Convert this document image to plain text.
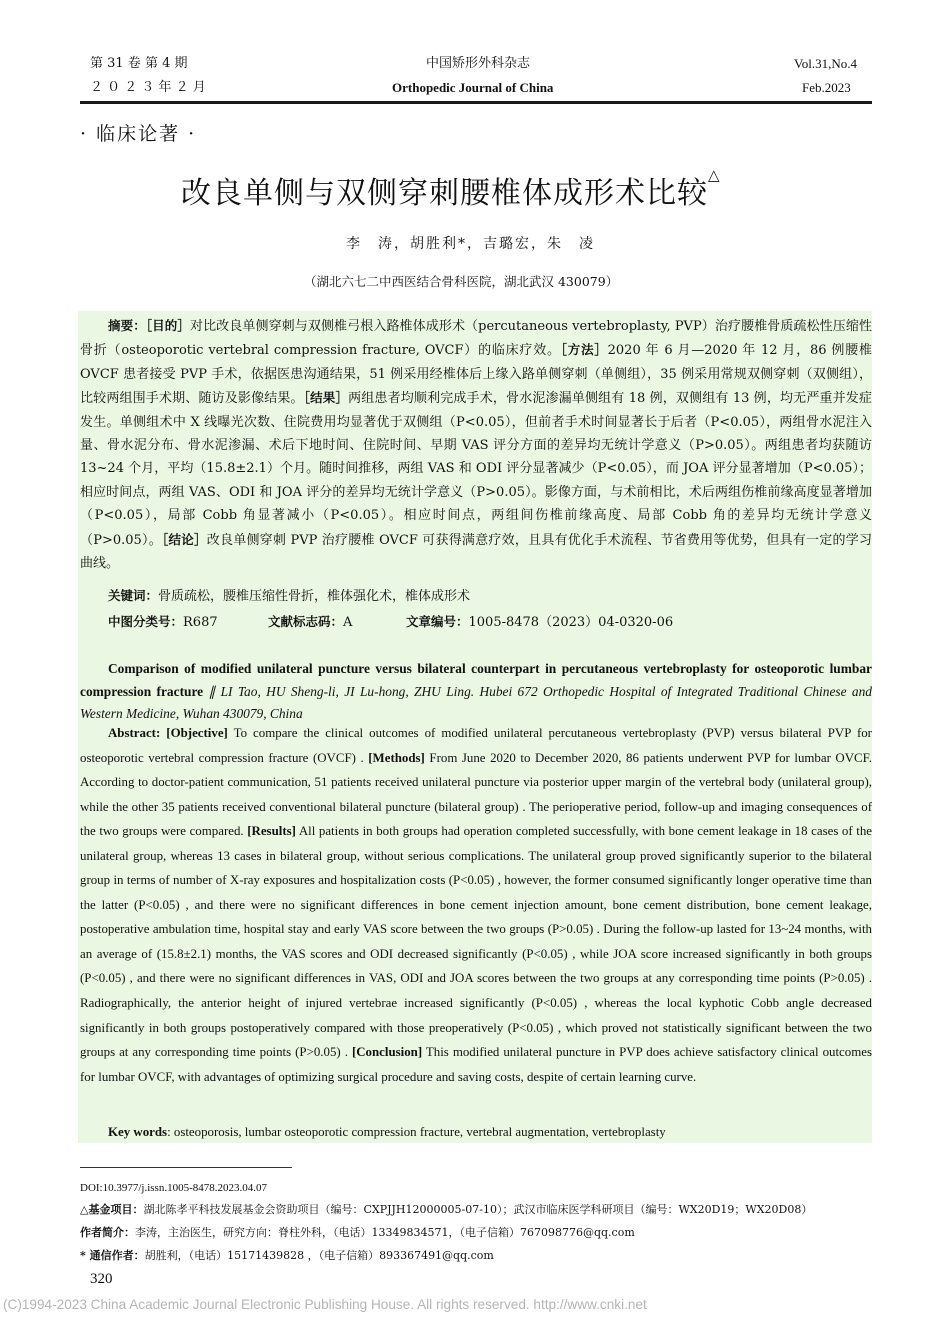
第 31 卷 第 4 期
２ ０ ２ ３ 年 ２ 月
中国矫形外科杂志
Orthopedic Journal of China
Vol.31,No.4
Feb.2023
· 临床论著 ·
改良单侧与双侧穿刺腰椎体成形术比较△
李　涛，胡胜利*，吉璐宏，朱　凌
（湖北六七二中西医结合骨科医院，湖北武汉 430079）
摘要：［目的］对比改良单侧穿刺与双侧椎弓根入路椎体成形术（percutaneous vertebroplasty, PVP）治疗腰椎骨质疏松性压缩性骨折（osteoporotic vertebral compression fracture, OVCF）的临床疗效。［方法］2020 年 6 月—2020 年 12 月，86 例腰椎 OVCF 患者接受 PVP 手术，依据医患沟通结果，51 例采用经椎体后上缘入路单侧穿刺（单侧组），35 例采用常规双侧穿刺（双侧组），比较两组围手术期、随访及影像结果。［结果］两组患者均顺利完成手术，骨水泥渗漏单侧组有 18 例，双侧组有 13 例，均无严重并发症发生。单侧组术中 X 线曝光次数、住院费用均显著优于双侧组（P<0.05），但前者手术时间显著长于后者（P<0.05），两组骨水泥注入量、骨水泥分布、骨水泥渗漏、术后下地时间、住院时间、早期 VAS 评分方面的差异均无统计学意义（P>0.05）。两组患者均获随访 13~24 个月，平均（15.8±2.1）个月。随时间推移，两组 VAS 和 ODI 评分显著减少（P<0.05），而 JOA 评分显著增加（P<0.05）；相应时间点，两组 VAS、ODI 和 JOA 评分的差异均无统计学意义（P>0.05）。影像方面，与术前相比，术后两组伤椎前缘高度显著增加（P<0.05），局部 Cobb 角显著减小（P<0.05）。相应时间点，两组间伤椎前缘高度、局部 Cobb 角的差异均无统计学意义（P>0.05）。［结论］改良单侧穿刺 PVP 治疗腰椎 OVCF 可获得满意疗效，且具有优化手术流程、节省费用等优势，但具有一定的学习曲线。
关键词：骨质疏松，腰椎压缩性骨折，椎体强化术，椎体成形术
中图分类号：R687	文献标志码：A	文章编号：1005-8478（2023）04-0320-06
Comparison of modified unilateral puncture versus bilateral counterpart in percutaneous vertebroplasty for osteoporotic lumbar compression fracture ∥ LI Tao, HU Sheng-li, JI Lu-hong, ZHU Ling. Hubei 672 Orthopedic Hospital of Integrated Traditional Chinese and Western Medicine, Wuhan 430079, China
Abstract: [Objective] To compare the clinical outcomes of modified unilateral percutaneous vertebroplasty (PVP) versus bilateral PVP for osteoporotic vertebral compression fracture (OVCF) . [Methods] From June 2020 to December 2020, 86 patients underwent PVP for lumbar OVCF. According to doctor-patient communication, 51 patients received unilateral puncture via posterior upper margin of the vertebral body (unilateral group), while the other 35 patients received conventional bilateral puncture (bilateral group) . The perioperative period, follow-up and imaging consequences of the two groups were compared. [Results] All patients in both groups had operation completed successfully, with bone cement leakage in 18 cases of the unilateral group, whereas 13 cases in bilateral group, without serious complications. The unilateral group proved significantly superior to the bilateral group in terms of number of X-ray exposures and hospitalization costs (P<0.05) , however, the former consumed significantly longer operative time than the latter (P<0.05) , and there were no significant differences in bone cement injection amount, bone cement distribution, bone cement leakage, postoperative ambulation time, hospital stay and early VAS score between the two groups (P>0.05) . During the follow-up lasted for 13~24 months, with an average of (15.8±2.1) months, the VAS scores and ODI decreased significantly (P<0.05) , while JOA score increased significantly in both groups (P<0.05) , and there were no significant differences in VAS, ODI and JOA scores between the two groups at any corresponding time points (P>0.05) . Radiographically, the anterior height of injured vertebrae increased significantly (P<0.05) , whereas the local kyphotic Cobb angle decreased significantly in both groups postoperatively compared with those preoperatively (P<0.05) , which proved not statistically significant between the two groups at any corresponding time points (P>0.05) . [Conclusion] This modified unilateral puncture in PVP does achieve satisfactory clinical outcomes for lumbar OVCF, with advantages of optimizing surgical procedure and saving costs, despite of certain learning curve.
Key words: osteoporosis, lumbar osteoporotic compression fracture, vertebral augmentation, vertebroplasty
DOI:10.3977/j.issn.1005-8478.2023.04.07
△基金项目：湖北陈孝平科技发展基金会资助项目（编号：CXPJJH12000005-07-10）；武汉市临床医学科研项目（编号：WX20D19；WX20D08）
作者简介：李涛，主治医生，研究方向：脊柱外科，（电话）13349834571，（电子信箱）767098776@qq.com
* 通信作者：胡胜利，（电话）15171439828 ，（电子信箱）893367491@qq.com
320
(C)1994-2023 China Academic Journal Electronic Publishing House. All rights reserved. http://www.cnki.net
